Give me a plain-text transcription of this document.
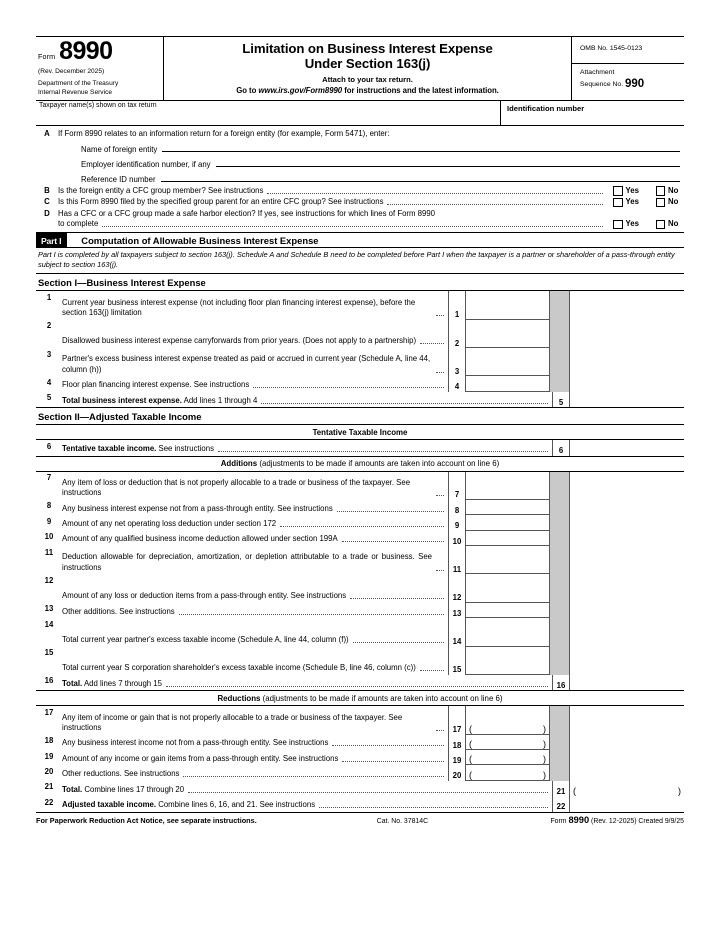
Form 8990
(Rev. December 2025)
Department of the Treasury
Internal Revenue Service
Limitation on Business Interest Expense
Under Section 163(j)
Attach to your tax return.
Go to www.irs.gov/Form8990 for instructions and the latest information.
OMB No. 1545-0123
Attachment
Sequence No. 990
Taxpayer name(s) shown on tax return	Identification number
A	If Form 8990 relates to an information return for a foreign entity (for example, Form 5471), enter:
Name of foreign entity
Employer identification number, if any
Reference ID number
B	Is the foreign entity a CFC group member? See instructions	Yes	No
C	Is this Form 8990 filed by the specified group parent for an entire CFC group? See instructions	Yes	No
D	Has a CFC or a CFC group made a safe harbor election? If yes, see instructions for which lines of Form 8990
to complete	Yes	No
Part I	Computation of Allowable Business Interest Expense
Part I is completed by all taxpayers subject to section 163(j). Schedule A and Schedule B need to be completed before Part I when the taxpayer is a partner or shareholder of a pass-through entity subject to section 163(j).
Section I—Business Interest Expense
1
Current year business interest expense (not including floor plan financing interest expense), before the section 163(j) limitation	1
2
Disallowed business interest expense carryforwards from prior years. (Does not apply to a partnership)	2
3
Partner's excess business interest expense treated as paid or accrued in current year (Schedule A, line 44, column (h))	3
4	Floor plan financing interest expense. See instructions	4
5	Total business interest expense. Add lines 1 through 4	5
Section II—Adjusted Taxable Income
Tentative Taxable Income
6	Tentative taxable income. See instructions	6
Additions (adjustments to be made if amounts are taken into account on line 6)
7
Any item of loss or deduction that is not properly allocable to a trade or business of the taxpayer. See instructions	7
8	Any business interest expense not from a pass-through entity. See instructions	8
9	Amount of any net operating loss deduction under section 172	9
10	Amount of any qualified business income deduction allowed under section 199A	10
11
Deduction allowable for depreciation, amortization, or depletion attributable to a trade or business. See instructions	11
12
Amount of any loss or deduction items from a pass-through entity. See instructions	12
13	Other additions. See instructions	13
14
Total current year partner's excess taxable income (Schedule A, line 44, column (f))	14
15
Total current year S corporation shareholder's excess taxable income (Schedule B, line 46, column (c))	15
16	Total. Add lines 7 through 15	16
Reductions (adjustments to be made if amounts are taken into account on line 6)
17
Any item of income or gain that is not properly allocable to a trade or business of the taxpayer. See instructions	17 (	)
18	Any business interest income not from a pass-through entity. See instructions	18 (	)
19	Amount of any income or gain items from a pass-through entity. See instructions	19 (	)
20	Other reductions. See instructions	20 (	)
21	Total. Combine lines 17 through 20	21 (	)
22	Adjusted taxable income. Combine lines 6, 16, and 21. See instructions	22
For Paperwork Reduction Act Notice, see separate instructions.	Cat. No. 37814C	Form 8990 (Rev. 12-2025) Created 9/9/25
